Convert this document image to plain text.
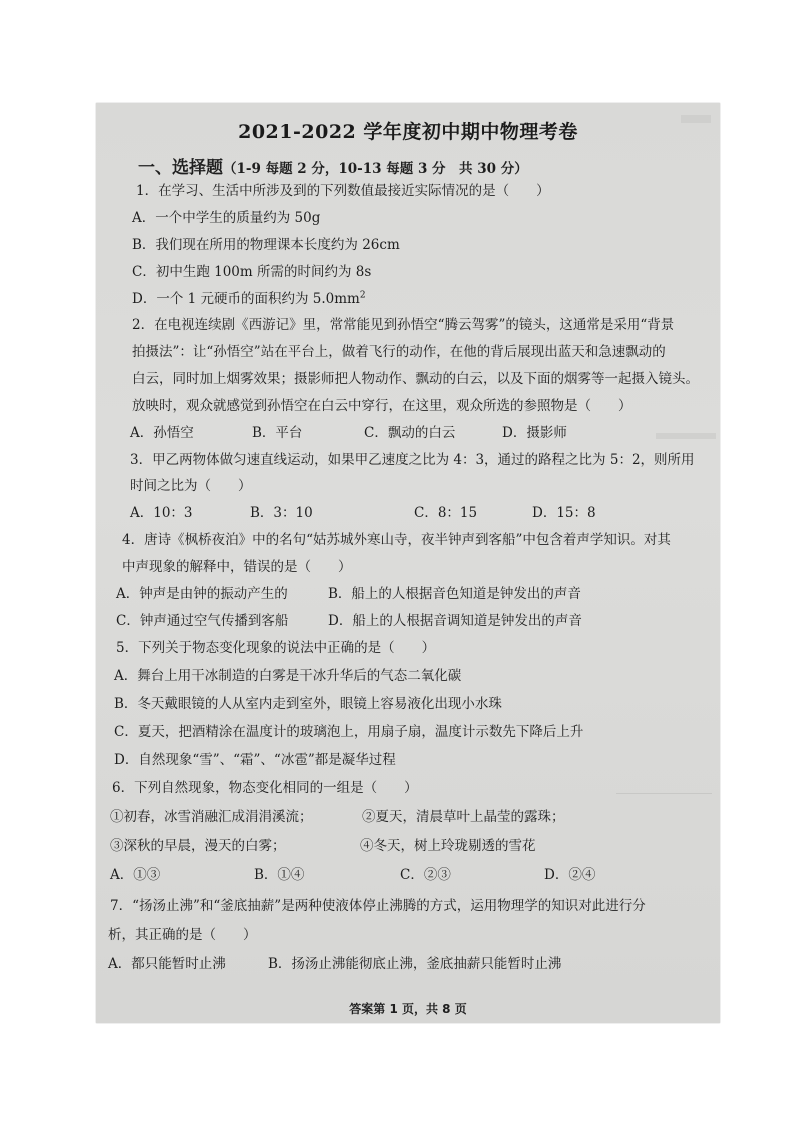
2021-2022 学年度初中期中物理考卷
一、选择题（1-9 每题 2 分，10-13 每题 3 分　共 30 分）
1．在学习、生活中所涉及到的下列数值最接近实际情况的是（　　）
A．一个中学生的质量约为 50g
B．我们现在所用的物理课本长度约为 26cm
C．初中生跑 100m 所需的时间约为 8s
D．一个 1 元硬币的面积约为 $5.0mm^2$
2．在电视连续剧《西游记》里，常常能见到孙悟空“腾云驾雾”的镜头，这通常是采用“背景
拍摄法”：让“孙悟空”站在平台上，做着飞行的动作，在他的背后展现出蓝天和急速飘动的
白云，同时加上烟雾效果；摄影师把人物动作、飘动的白云，以及下面的烟雾等一起摄入镜头。
放映时，观众就感觉到孙悟空在白云中穿行，在这里，观众所选的参照物是（　　）
A．孙悟空	B．平台	C．飘动的白云	D．摄影师
3．甲乙两物体做匀速直线运动，如果甲乙速度之比为 4：3，通过的路程之比为 5：2，则所用
时间之比为（　　）
A．10：3	B．3：10	C．8：15	D．15：8
4．唐诗《枫桥夜泊》中的名句“姑苏城外寒山寺，夜半钟声到客船”中包含着声学知识。对其
中声现象的解释中，错误的是（　　）
A．钟声是由钟的振动产生的	B．船上的人根据音色知道是钟发出的声音
C．钟声通过空气传播到客船	D．船上的人根据音调知道是钟发出的声音
5．下列关于物态变化现象的说法中正确的是（　　）
A．舞台上用干冰制造的白雾是干冰升华后的气态二氧化碳
B．冬天戴眼镜的人从室内走到室外，眼镜上容易液化出现小水珠
C．夏天，把酒精涂在温度计的玻璃泡上，用扇子扇，温度计示数先下降后上升
D．自然现象“雪”、“霜”、“冰雹”都是凝华过程
6．下列自然现象，物态变化相同的一组是（　　）
①初春，冰雪消融汇成涓涓溪流；	②夏天，清晨草叶上晶莹的露珠；
③深秋的早晨，漫天的白雾；	④冬天，树上玲珑剔透的雪花
A．①③	B．①④	C．②③	D．②④
7．“扬汤止沸”和“釜底抽薪”是两种使液体停止沸腾的方式，运用物理学的知识对此进行分
析，其正确的是（　　）
A．都只能暂时止沸	B．扬汤止沸能彻底止沸，釜底抽薪只能暂时止沸
答案第 1 页，共 8 页
